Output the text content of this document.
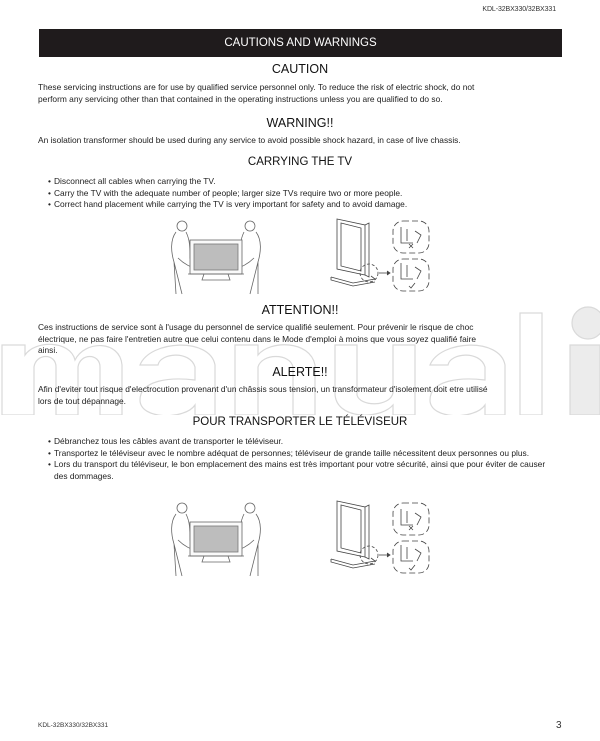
KDL-32BX330/32BX331
CAUTIONS AND WARNINGS
CAUTION
These servicing instructions are for use by qualified service personnel only. To reduce the risk of electric shock, do not
perform any servicing other than that contained in the operating instructions unless you are qualified to do so.
WARNING!!
An isolation transformer should be used during any service to avoid possible shock hazard, in case of live chassis.
CARRYING THE TV
• Disconnect all cables when carrying the TV.
• Carry the TV with the adequate number of people; larger size TVs require two or more people.
• Correct hand placement while carrying the TV is very important for safety and to avoid damage.
ATTENTION!!
Ces instructions de service sont à l'usage du personnel de service qualifié seulement. Pour prévenir le risque de choc
électrique, ne pas faire l'entretien autre que celui contenu dans le Mode d'emploi à moins que vous soyez qualifié faire
ainsi.
ALERTE!!
Afin d'eviter tout risque d'electrocution provenant d'un châssis sous tension, un transformateur d'isolement doit etre utilisé
lors de tout dépannage.
POUR TRANSPORTER LE TÉLÉVISEUR
• Débranchez tous les câbles avant de transporter le téléviseur.
• Transportez le téléviseur avec le nombre adéquat de personnes; téléviseur de grande taille nécessitent deux personnes ou plus.
• Lors du transport du téléviseur, le bon emplacement des mains est très important pour votre sécurité, ainsi que pour éviter de causer des dommages.
KDL-32BX330/32BX331	3
